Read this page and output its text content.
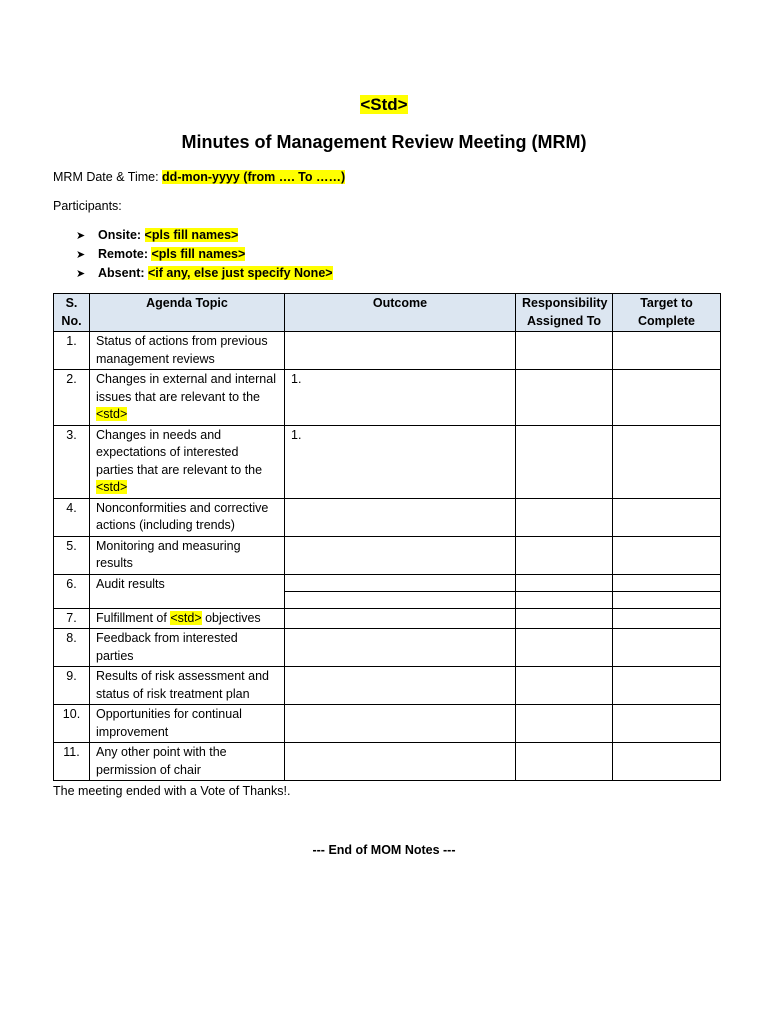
<Std>
Minutes of Management Review Meeting (MRM)
MRM Date & Time: dd-mon-yyyy (from …. To ……)
Participants:
➤ Onsite: <pls fill names>
➤ Remote: <pls fill names>
➤ Absent: <if any, else just specify None>
S. No.	Agenda Topic	Outcome	Responsibility Assigned To	Target to Complete
1.	Status of actions from previous management reviews			
2.	Changes in external and internal issues that are relevant to the <std>	1.		
3.	Changes in needs and expectations of interested parties that are relevant to the <std>	1.		
4.	Nonconformities and corrective actions (including trends)			
5.	Monitoring and measuring results			
6.	Audit results			

7.	Fulfillment of <std> objectives			
8.	Feedback from interested parties			
9.	Results of risk assessment and status of risk treatment plan			
10.	Opportunities for continual improvement			
11.	Any other point with the permission of chair			
The meeting ended with a Vote of Thanks!.
--- End of MOM Notes ---
